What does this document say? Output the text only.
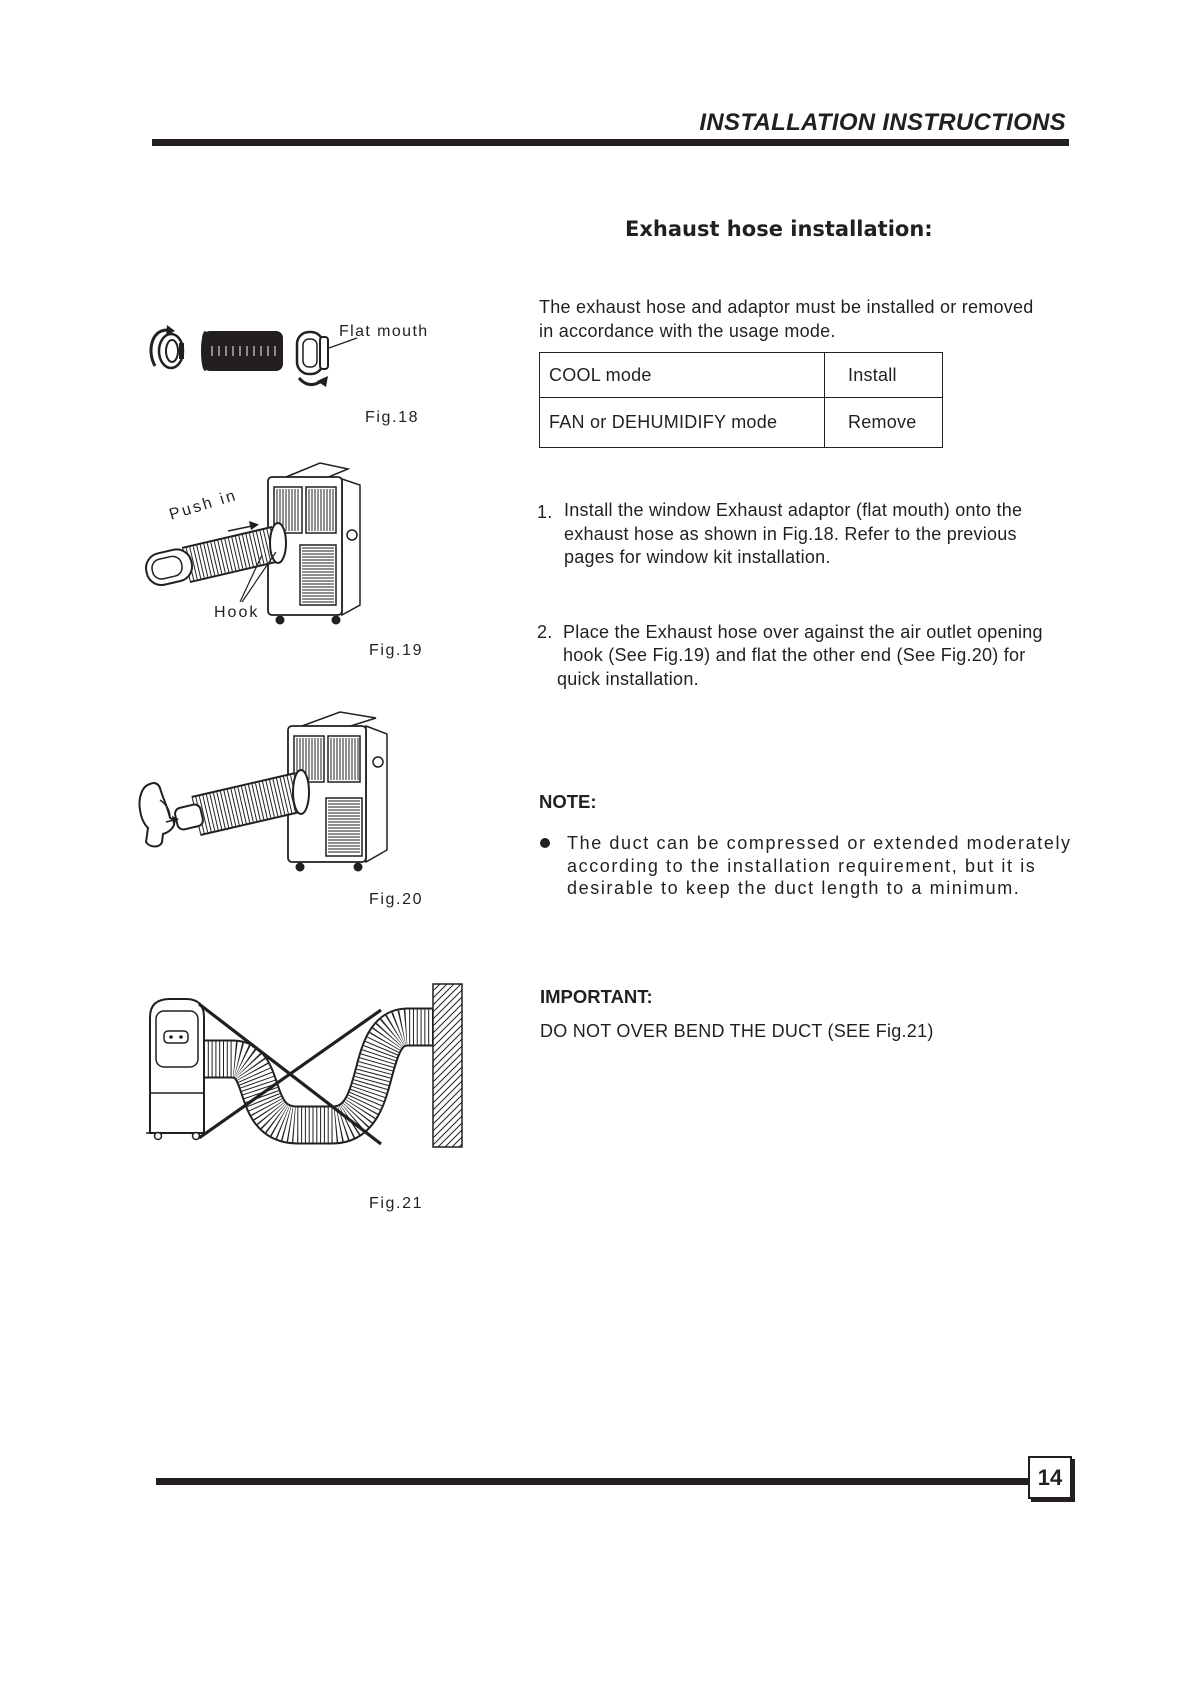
INSTALLATION INSTRUCTIONS
Exhaust hose installation:
The exhaust hose and adaptor must be installed or removed
in accordance with the usage mode.
COOL mode	Install
FAN or DEHUMIDIFY mode	Remove
1. Install the window Exhaust adaptor (flat mouth) onto the
exhaust hose as shown in Fig.18. Refer to the previous
pages for window kit installation.
2. Place the Exhaust hose over against the air outlet opening
hook (See Fig.19) and flat the other end (See Fig.20) for
quick installation.
NOTE:
The duct can be compressed or extended moderately
according to the installation requirement, but it is
desirable to keep the duct length to a minimum.
IMPORTANT:
DO NOT OVER BEND THE DUCT (SEE Fig.21)
Flat mouth
Fig.18
Push in
Hook
Fig.19
Fig.20
Fig.21
14
